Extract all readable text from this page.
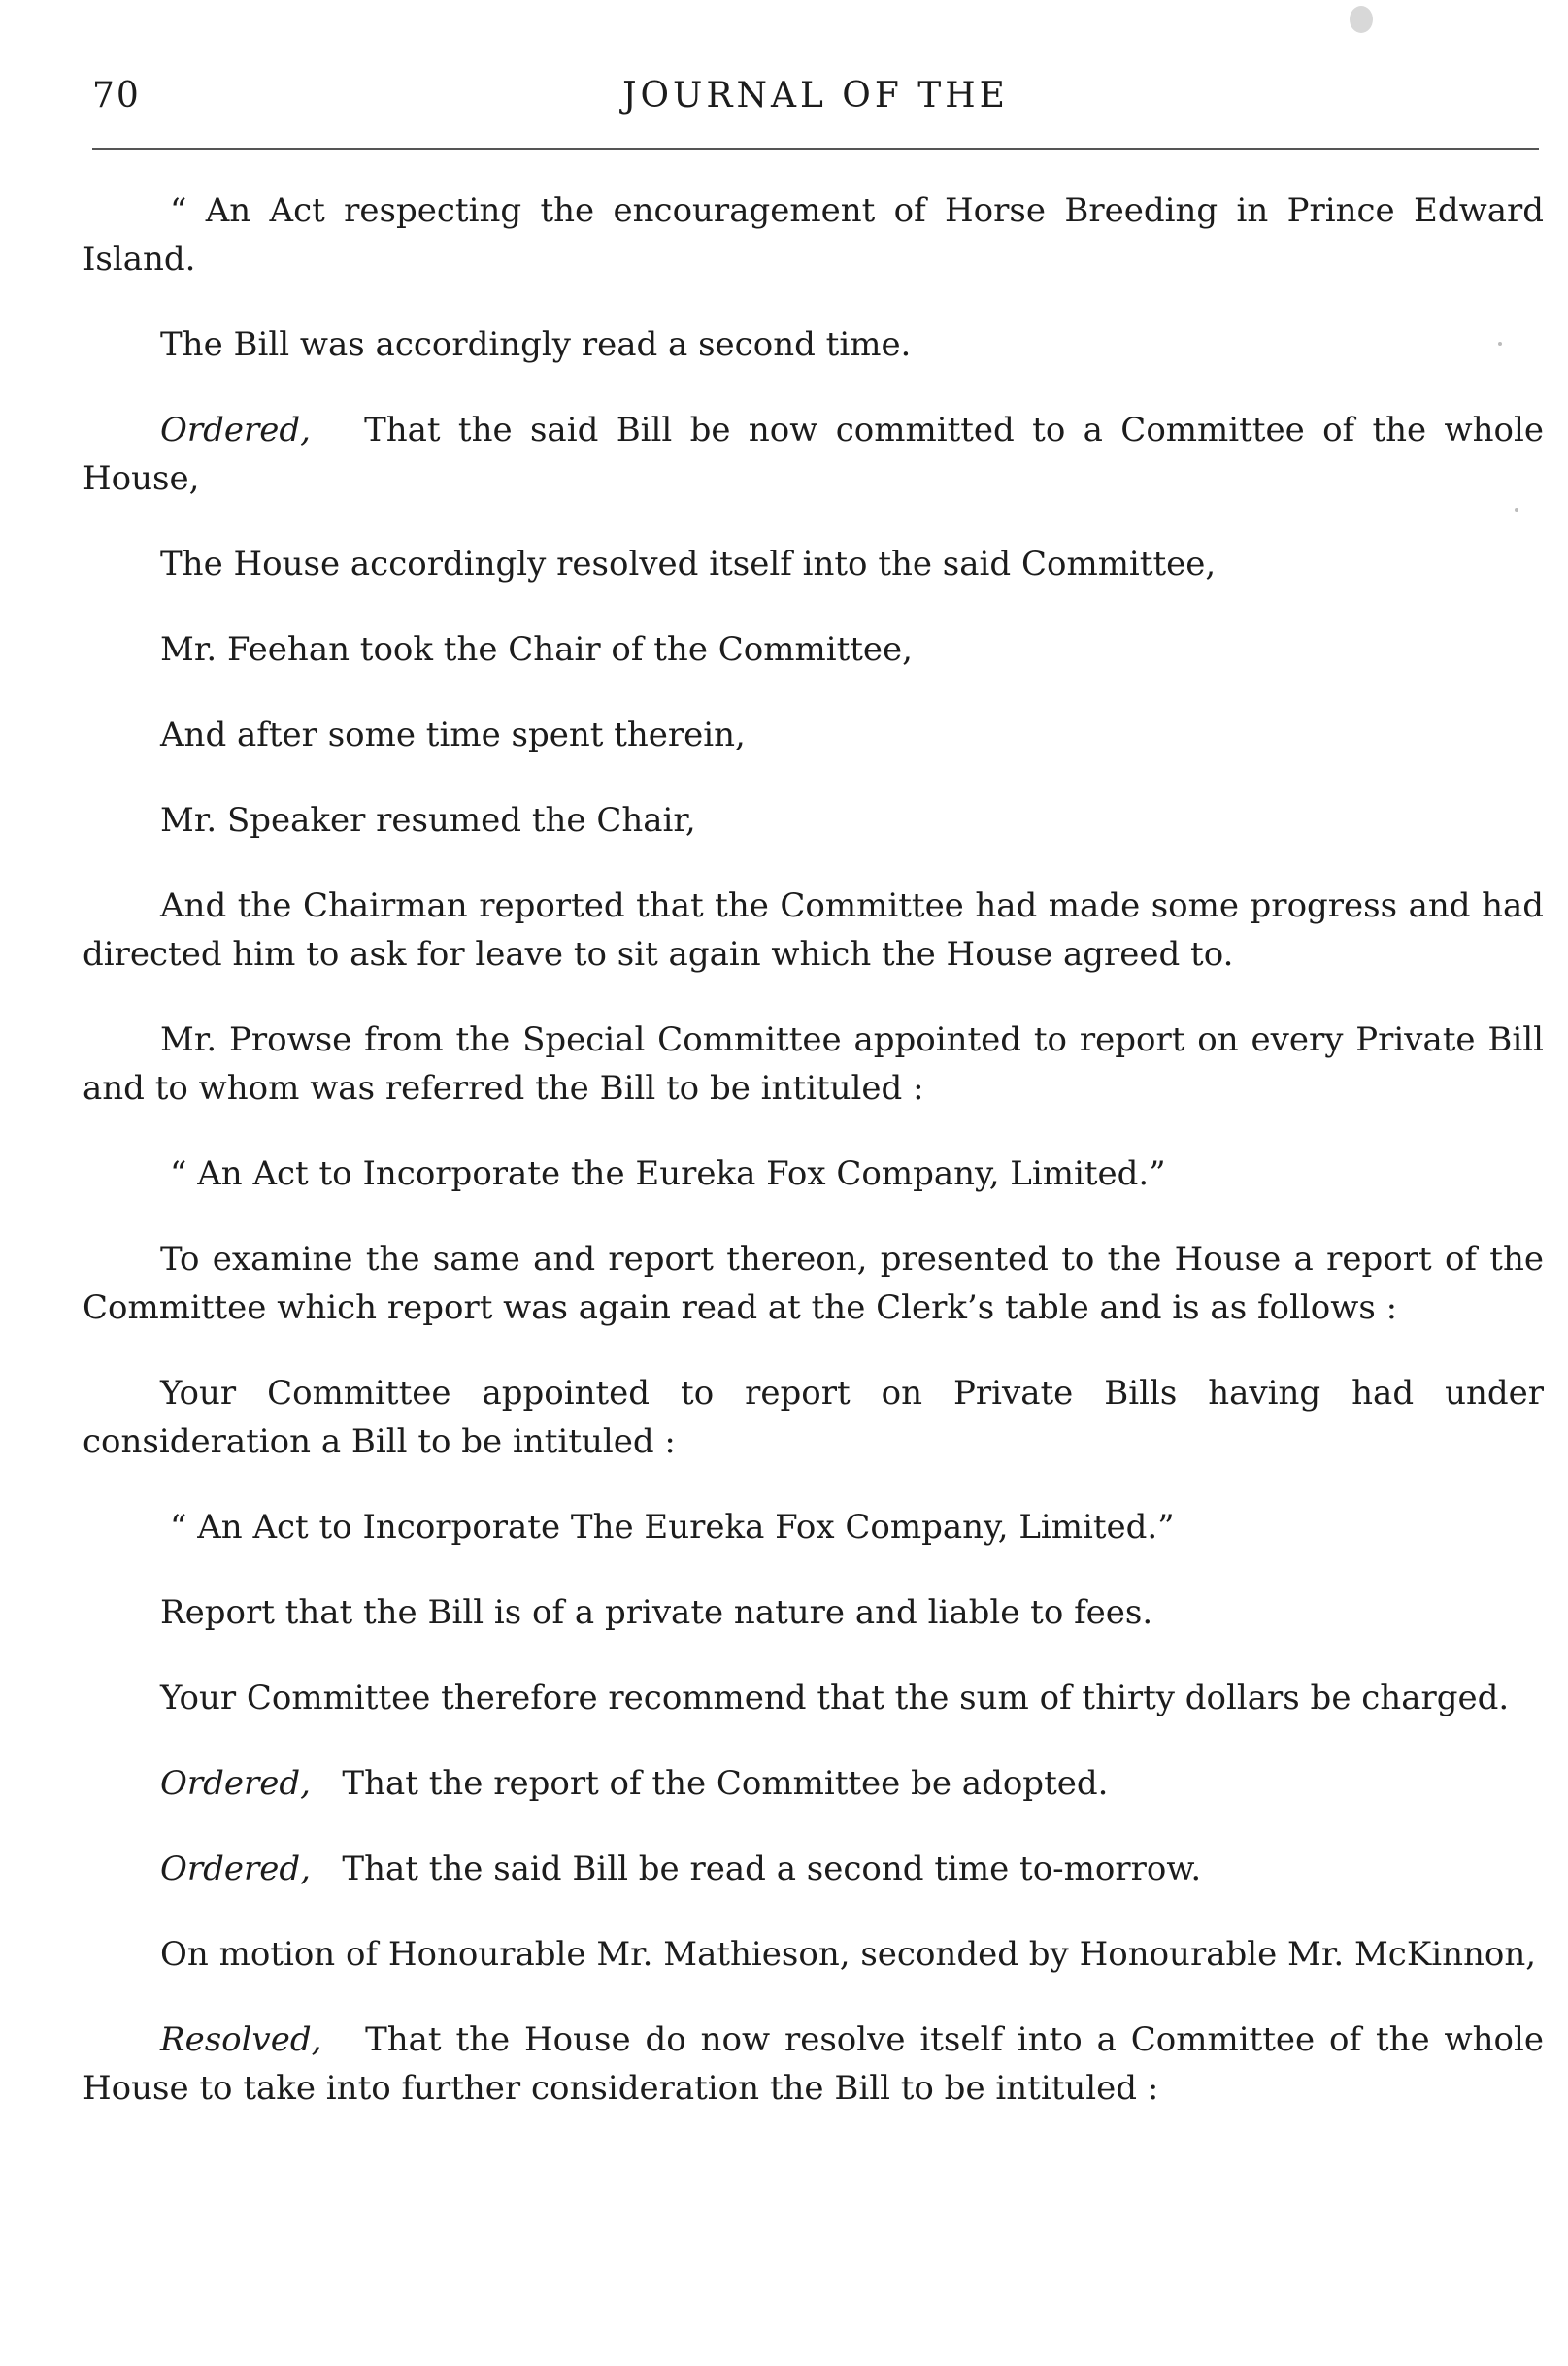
70	JOURNAL OF THE

“ An Act respecting the encouragement of Horse Breeding in Prince Edward Island.

The Bill was accordingly read a second time.

Ordered, That the said Bill be now committed to a Committee of the whole House,

The House accordingly resolved itself into the said Committee,

Mr. Feehan took the Chair of the Committee,

And after some time spent therein,

Mr. Speaker resumed the Chair,

And the Chairman reported that the Committee had made some progress and had directed him to ask for leave to sit again which the House agreed to.

Mr. Prowse from the Special Committee appointed to report on every Private Bill and to whom was referred the Bill to be intituled :

“ An Act to Incorporate the Eureka Fox Company, Limited.”

To examine the same and report thereon, presented to the House a report of the Committee which report was again read at the Clerk’s table and is as follows :

Your Committee appointed to report on Private Bills having had under consideration a Bill to be intituled :

“ An Act to Incorporate The Eureka Fox Company, Limited.”

Report that the Bill is of a private nature and liable to fees.

Your Committee therefore recommend that the sum of thirty dollars be charged.

Ordered, That the report of the Committee be adopted.

Ordered, That the said Bill be read a second time to-morrow.

On motion of Honourable Mr. Mathieson, seconded by Honourable Mr. McKinnon,

Resolved, That the House do now resolve itself into a Committee of the whole House to take into further consideration the Bill to be intituled :
